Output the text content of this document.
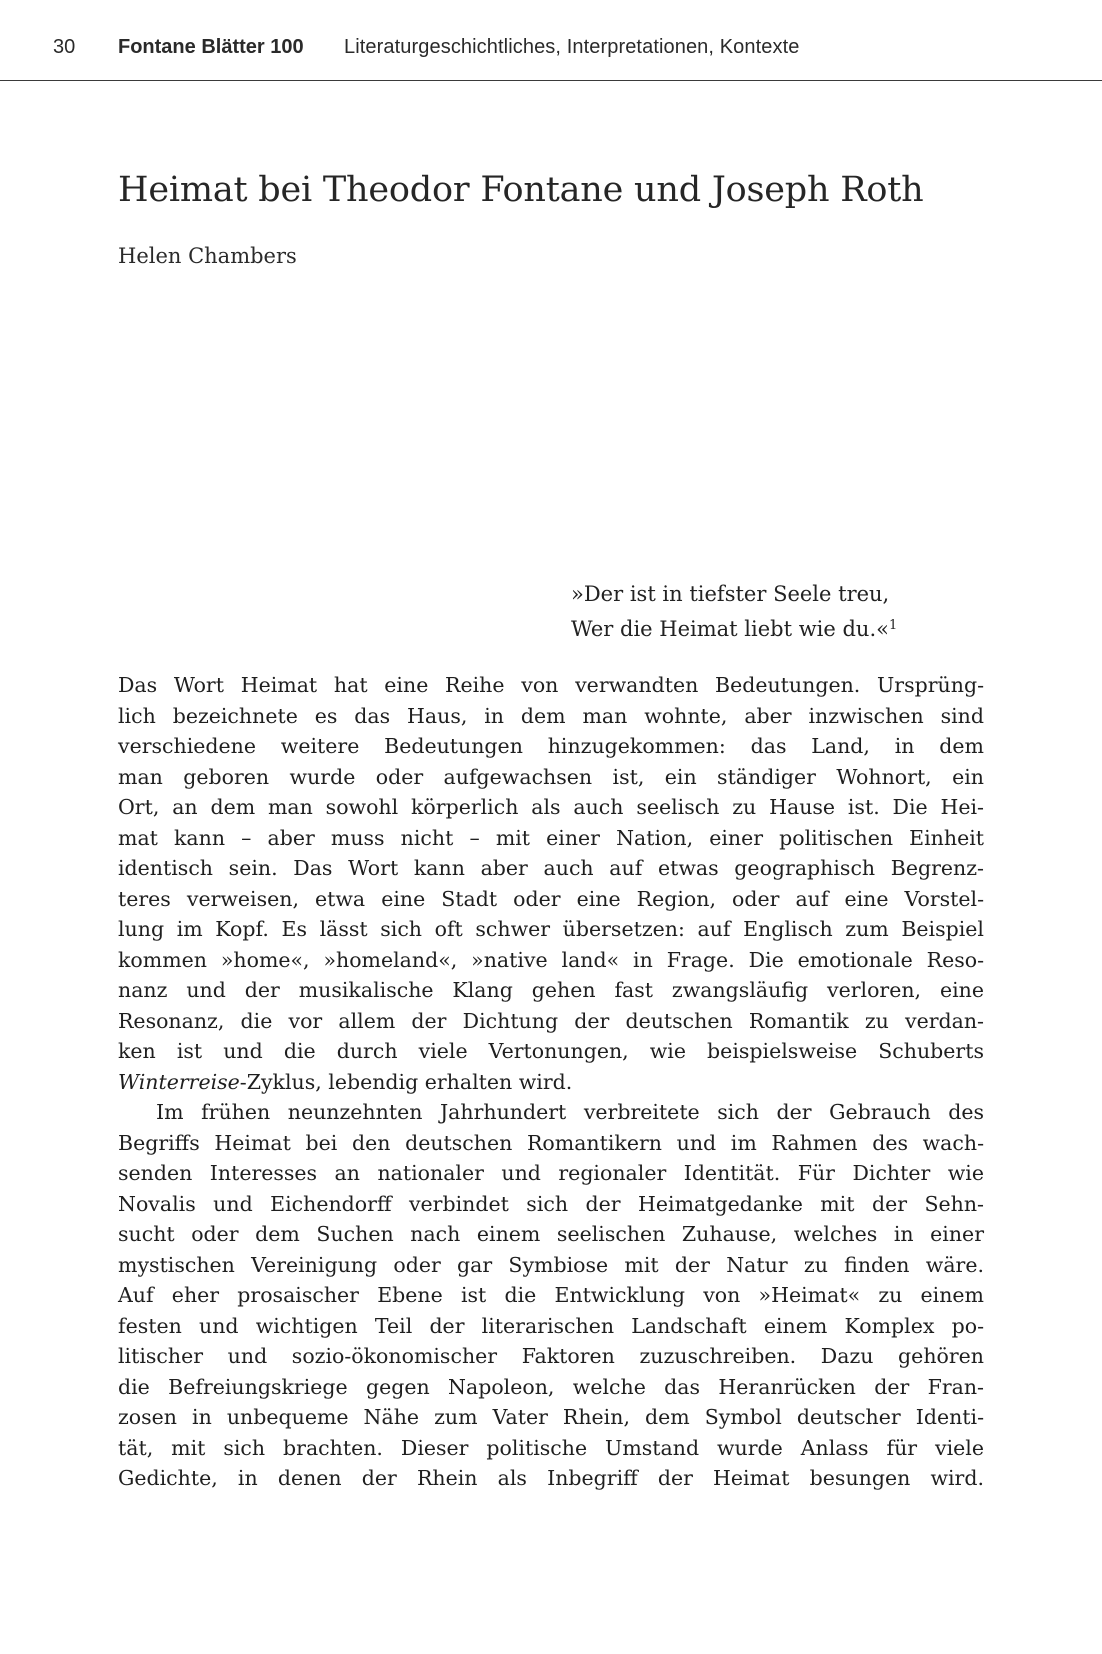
30 Fontane Blätter 100 Literaturgeschichtliches, Interpretationen, Kontexte
Heimat bei Theodor Fontane und Joseph Roth
Helen Chambers
»Der ist in tiefster Seele treu,
Wer die Heimat liebt wie du.«$^1$
Das Wort Heimat hat eine Reihe von verwandten Bedeutungen. Ursprüng-
lich bezeichnete es das Haus, in dem man wohnte, aber inzwischen sind
verschiedene weitere Bedeutungen hinzugekommen: das Land, in dem
man geboren wurde oder aufgewachsen ist, ein ständiger Wohnort, ein
Ort, an dem man sowohl körperlich als auch seelisch zu Hause ist. Die Hei-
mat kann – aber muss nicht – mit einer Nation, einer politischen Einheit
identisch sein. Das Wort kann aber auch auf etwas geographisch Begrenz-
teres verweisen, etwa eine Stadt oder eine Region, oder auf eine Vorstel-
lung im Kopf. Es lässt sich oft schwer übersetzen: auf Englisch zum Beispiel
kommen »home«, »homeland«, »native land« in Frage. Die emotionale Reso-
nanz und der musikalische Klang gehen fast zwangsläufig verloren, eine
Resonanz, die vor allem der Dichtung der deutschen Romantik zu verdan-
ken ist und die durch viele Vertonungen, wie beispielsweise Schuberts
Winterreise-Zyklus, lebendig erhalten wird.
Im frühen neunzehnten Jahrhundert verbreitete sich der Gebrauch des
Begriffs Heimat bei den deutschen Romantikern und im Rahmen des wach-
senden Interesses an nationaler und regionaler Identität. Für Dichter wie
Novalis und Eichendorff verbindet sich der Heimatgedanke mit der Sehn-
sucht oder dem Suchen nach einem seelischen Zuhause, welches in einer
mystischen Vereinigung oder gar Symbiose mit der Natur zu finden wäre.
Auf eher prosaischer Ebene ist die Entwicklung von »Heimat« zu einem
festen und wichtigen Teil der literarischen Landschaft einem Komplex po-
litischer und sozio-ökonomischer Faktoren zuzuschreiben. Dazu gehören
die Befreiungskriege gegen Napoleon, welche das Heranrücken der Fran-
zosen in unbequeme Nähe zum Vater Rhein, dem Symbol deutscher Identi-
tät, mit sich brachten. Dieser politische Umstand wurde Anlass für viele
Gedichte, in denen der Rhein als Inbegriff der Heimat besungen wird.
